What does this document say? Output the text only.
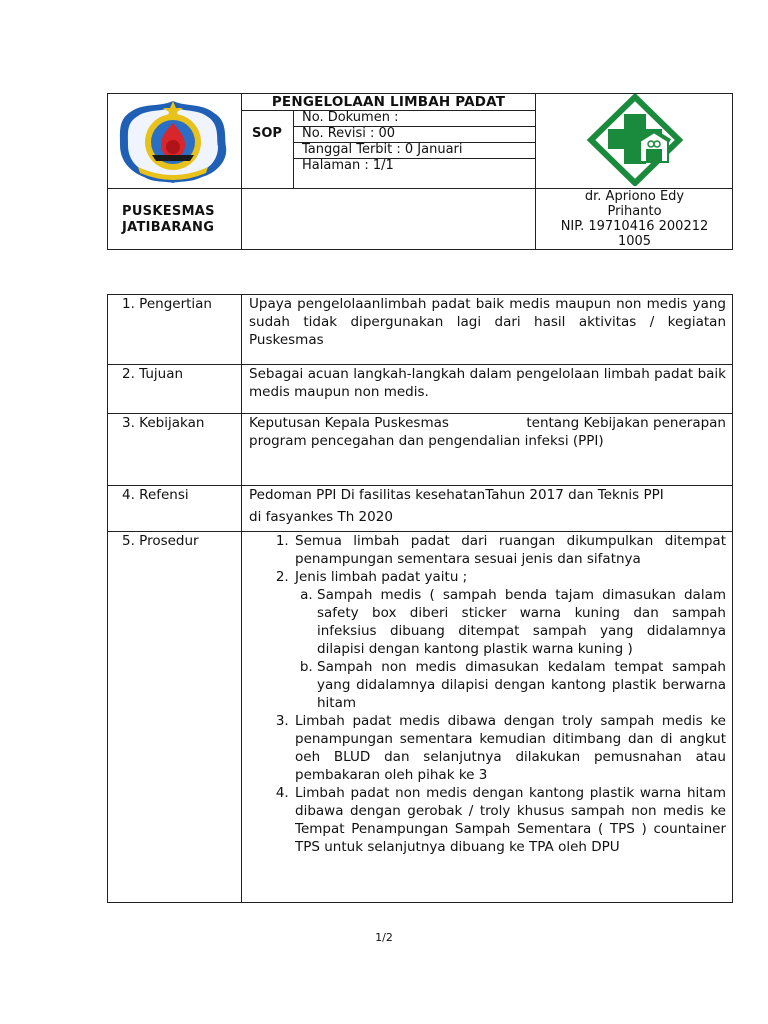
PENGELOLAAN LIMBAH PADAT
SOP
No. Dokumen :
No. Revisi : 00
Tanggal Terbit : 0 Januari
Halaman : 1/1
PUSKESMAS
JATIBARANG
dr. Apriono Edy
Prihanto
NIP. 19710416 200212
1005
1. Pengertian	Upaya pengelolaanlimbah padat baik medis maupun non medis yang sudah tidak dipergunakan lagi dari hasil aktivitas / kegiatan Puskesmas
2. Tujuan	Sebagai acuan langkah-langkah dalam pengelolaan limbah padat baik medis maupun non medis.
3. Kebijakan	Keputusan Kepala Puskesmas                  tentang Kebijakan penerapan program pencegahan dan pengendalian infeksi (PPI)
4. Refensi	Pedoman PPI Di fasilitas kesehatanTahun 2017 dan Teknis PPI
di fasyankes Th 2020
5. Prosedur
1.	Semua limbah padat dari ruangan dikumpulkan ditempat penampungan sementara sesuai jenis dan sifatnya
2. Jenis limbah padat yaitu ;
a. Sampah medis ( sampah benda tajam dimasukan dalam safety box diberi sticker warna kuning dan sampah infeksius dibuang ditempat sampah yang didalamnya dilapisi dengan kantong plastik warna kuning )
b. Sampah non medis dimasukan kedalam tempat sampah yang didalamnya dilapisi dengan kantong plastik berwarna hitam
3. Limbah padat medis dibawa dengan troly sampah medis ke penampungan sementara kemudian ditimbang dan di angkut oeh BLUD dan selanjutnya dilakukan pemusnahan atau pembakaran oleh pihak ke 3
4. Limbah padat non medis dengan kantong plastik warna hitam dibawa dengan gerobak / troly khusus sampah non medis ke Tempat Penampungan Sampah Sementara ( TPS ) countainer TPS untuk selanjutnya dibuang ke TPA oleh DPU
1/2
